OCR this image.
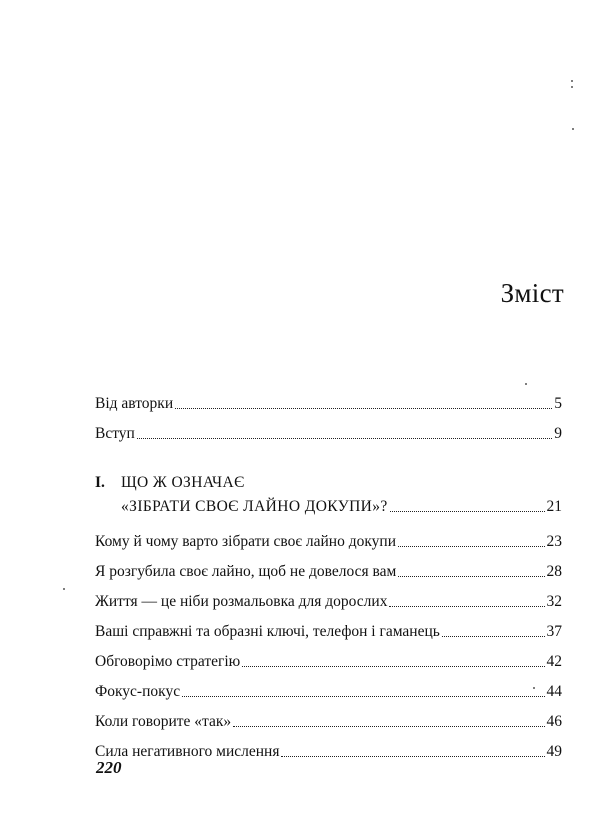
Зміст
Від авторки	5
Вступ	9
I.	ЩО Ж ОЗНАЧАЄ
«ЗІБРАТИ СВОЄ ЛАЙНО ДОКУПИ»?	21
Кому й чому варто зібрати своє лайно докупи	23
Я розгубила своє лайно, щоб не довелося вам	28
Життя — це ніби розмальовка для дорослих	32
Ваші справжні та образні ключі, телефон і гаманець	37
Обговорімо стратегію	42
Фокус-покус	44
Коли говорите «так»	46
Сила негативного мислення	49
220
